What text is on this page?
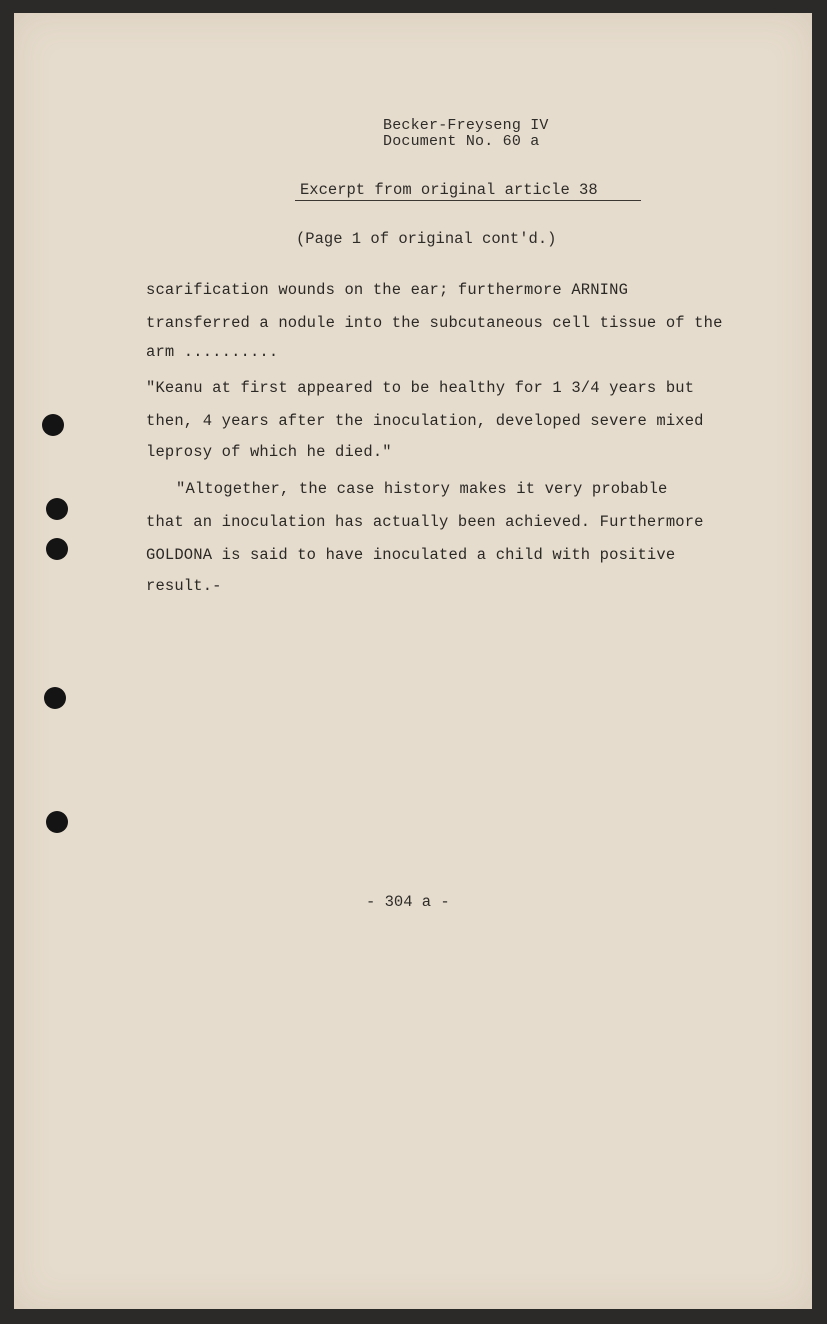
Becker-Freyseng IV
Document No. 60 a
Excerpt from original article 38
(Page 1 of original cont'd.)
scarification wounds on the ear; furthermore ARNING
transferred a nodule into the subcutaneous cell tissue of the
arm ..........
"Keanu at first appeared to be healthy for 1 3/4 years but
then, 4 years after the inoculation, developed severe mixed
leprosy of which he died."
"Altogether, the case history makes it very probable
that an inoculation has actually been achieved. Furthermore
GOLDONA is said to have inoculated a child with positive
result.-
- 304 a -
